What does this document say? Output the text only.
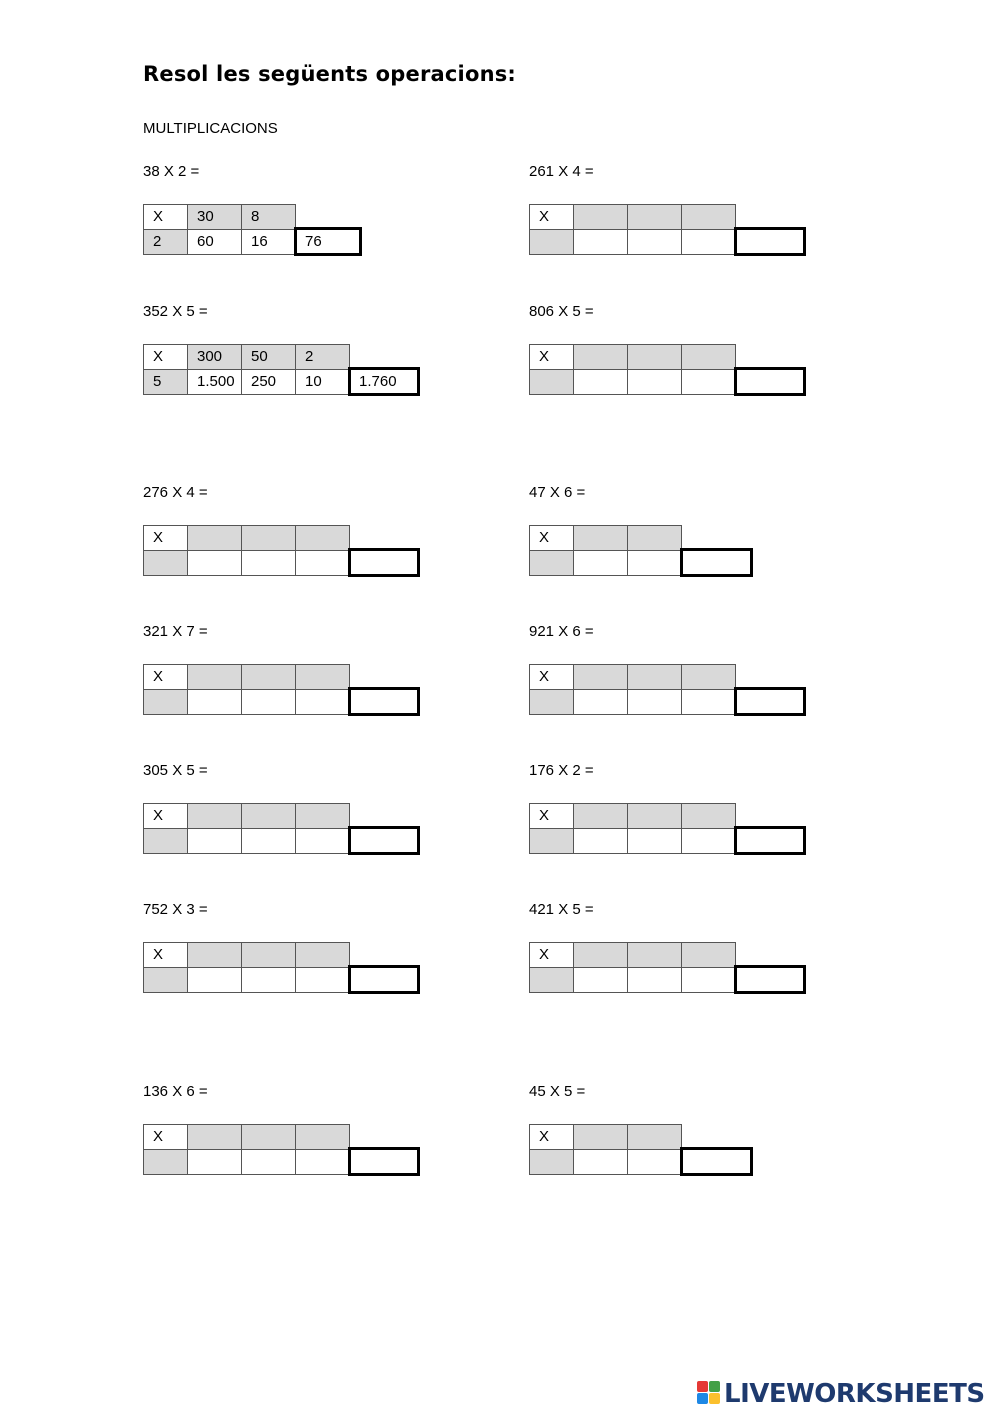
Resol les següents operacions:
MULTIPLICACIONS
38 X 2 =
X
2
30
60
8
16	76
261 X 4 =
X
352 X 5 =
X
5
300
1.500
50
250
2
10	1.760
806 X 5 =
X
276 X 4 =
X
47 X 6 =
X
321 X 7 =
X
921 X 6 =
X
305 X 5 =
X
176 X 2 =
X
752 X 3 =
X
421 X 5 =
X
136 X 6 =
X
45 X 5 =
X
LIVEWORKSHEETS
